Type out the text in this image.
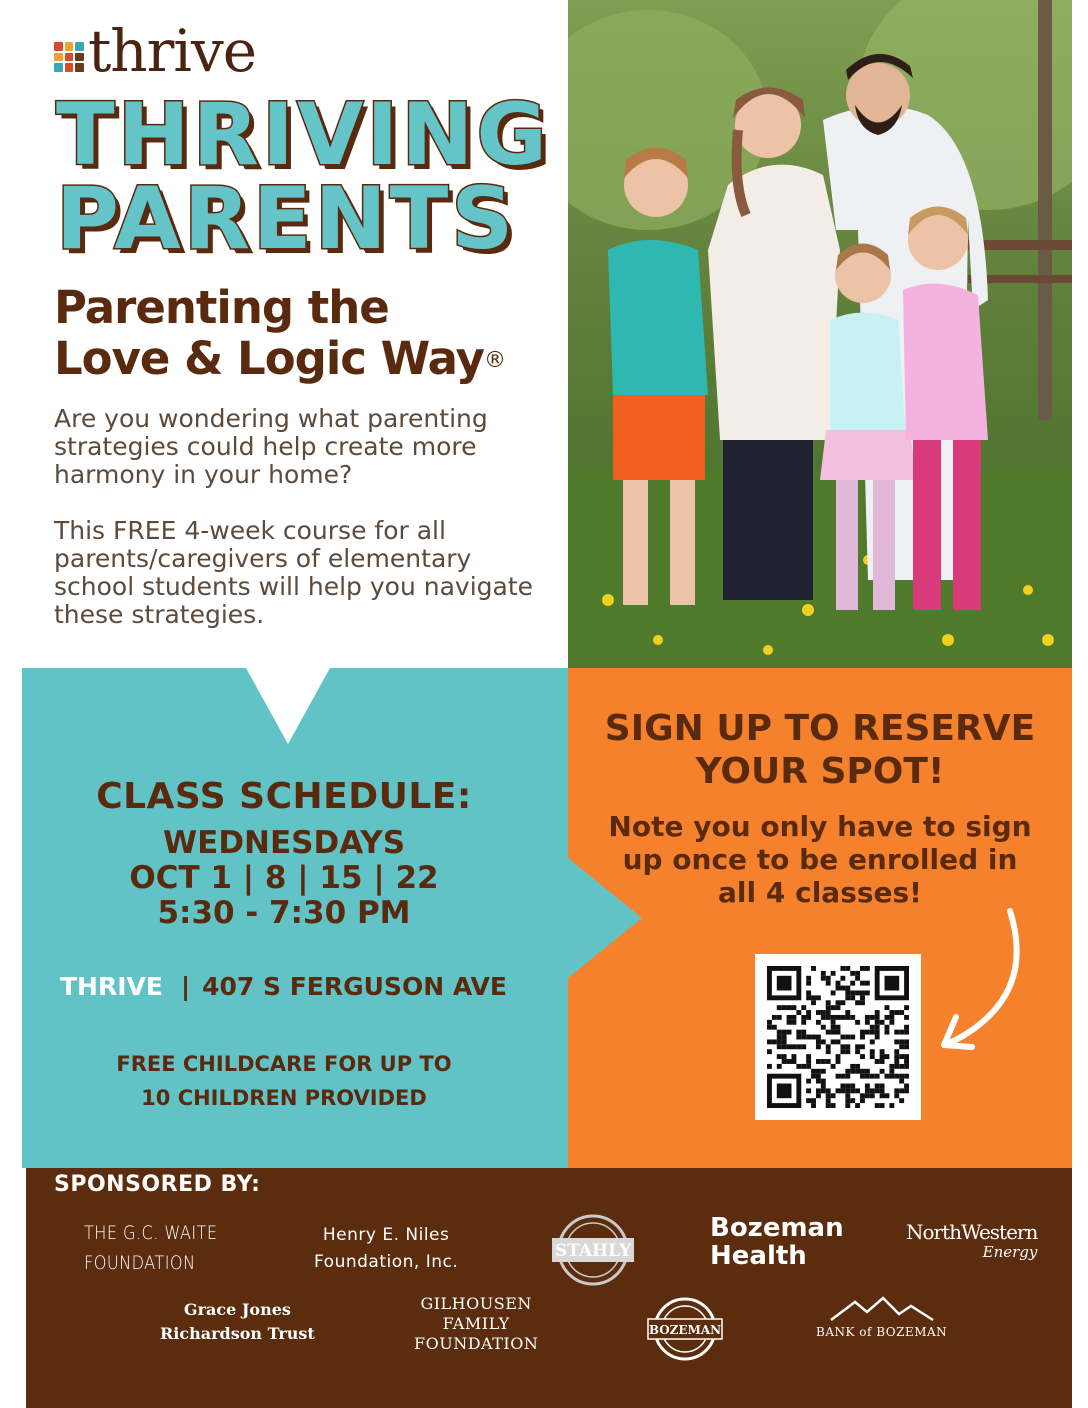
thrive
THRIVING
PARENTS
Parenting the
Love & Logic Way®

Are you wondering what parenting strategies could help create more harmony in your home?

This FREE 4-week course for all parents/caregivers of elementary school students will help you navigate these strategies.

CLASS SCHEDULE:
WEDNESDAYS
OCT 1 | 8 | 15 | 22
5:30 - 7:30 PM
THRIVE | 407 S FERGUSON AVE
FREE CHILDCARE FOR UP TO
10 CHILDREN PROVIDED
SIGN UP TO RESERVE
YOUR SPOT!
Note you only have to sign
up once to be enrolled in
all 4 classes!
SPONSORED BY:
THE G.C. WAITE
FOUNDATION
Henry E. Niles
Foundation, Inc.
STAHLY
Bozeman
Health
NorthWestern
Energy
Grace Jones
Richardson Trust
GILHOUSEN
FAMILY
FOUNDATION
BOZEMAN	BANK of BOZEMAN
